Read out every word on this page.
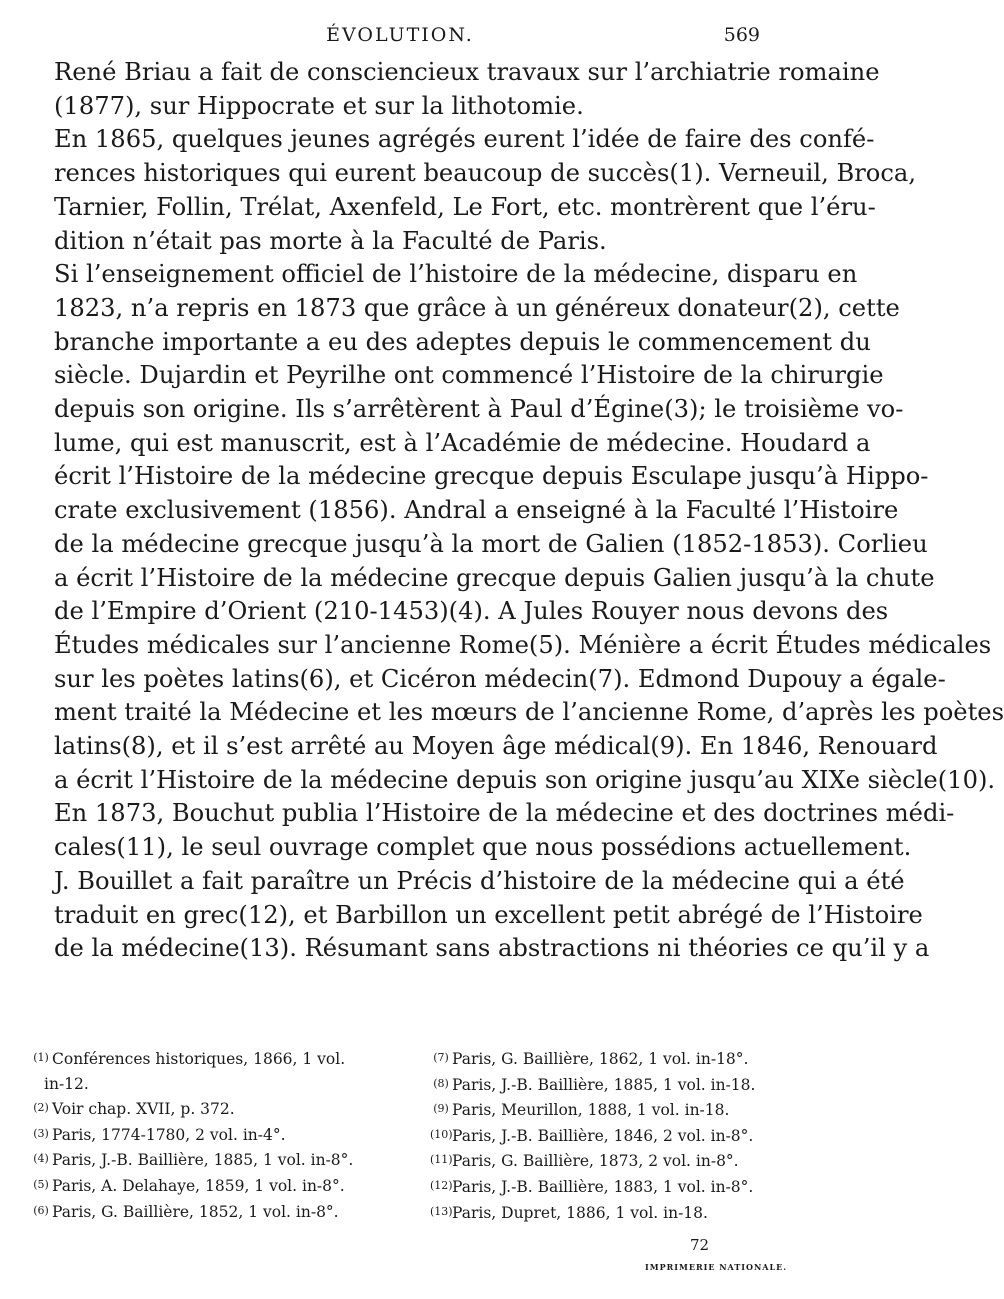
ÉVOLUTION.	569
René Briau a fait de consciencieux travaux sur l’archiatrie romaine
(1877), sur Hippocrate et sur la lithotomie.
En 1865, quelques jeunes agrégés eurent l’idée de faire des confé-
rences historiques qui eurent beaucoup de succès(1). Verneuil, Broca,
Tarnier, Follin, Trélat, Axenfeld, Le Fort, etc. montrèrent que l’éru-
dition n’était pas morte à la Faculté de Paris.
Si l’enseignement officiel de l’histoire de la médecine, disparu en
1823, n’a repris en 1873 que grâce à un généreux donateur(2), cette
branche importante a eu des adeptes depuis le commencement du
siècle. Dujardin et Peyrilhe ont commencé l’Histoire de la chirurgie
depuis son origine. Ils s’arrêtèrent à Paul d’Égine(3); le troisième vo-
lume, qui est manuscrit, est à l’Académie de médecine. Houdard a
écrit l’Histoire de la médecine grecque depuis Esculape jusqu’à Hippo-
crate exclusivement (1856). Andral a enseigné à la Faculté l’Histoire
de la médecine grecque jusqu’à la mort de Galien (1852-1853). Corlieu
a écrit l’Histoire de la médecine grecque depuis Galien jusqu’à la chute
de l’Empire d’Orient (210-1453)(4). A Jules Rouyer nous devons des
Études médicales sur l’ancienne Rome(5). Ménière a écrit Études médicales
sur les poètes latins(6), et Cicéron médecin(7). Edmond Dupouy a égale-
ment traité la Médecine et les mœurs de l’ancienne Rome, d’après les poètes
latins(8), et il s’est arrêté au Moyen âge médical(9). En 1846, Renouard
a écrit l’Histoire de la médecine depuis son origine jusqu’au XIXe siècle(10).
En 1873, Bouchut publia l’Histoire de la médecine et des doctrines médi-
cales(11), le seul ouvrage complet que nous possédions actuellement.
J. Bouillet a fait paraître un Précis d’histoire de la médecine qui a été
traduit en grec(12), et Barbillon un excellent petit abrégé de l’Histoire
de la médecine(13). Résumant sans abstractions ni théories ce qu’il y a
(1) Conférences historiques, 1866, 1 vol.
in-12.
(2) Voir chap. XVII, p. 372.
(3) Paris, 1774-1780, 2 vol. in-4°.
(4) Paris, J.-B. Baillière, 1885, 1 vol. in-8°.
(5) Paris, A. Delahaye, 1859, 1 vol. in-8°.
(6) Paris, G. Baillière, 1852, 1 vol. in-8°.
(7) Paris, G. Baillière, 1862, 1 vol. in-18°.
(8) Paris, J.-B. Baillière, 1885, 1 vol. in-18.
(9) Paris, Meurillon, 1888, 1 vol. in-18.
(10)Paris, J.-B. Baillière, 1846, 2 vol. in-8°.
(11)Paris, G. Baillière, 1873, 2 vol. in-8°.
(12)Paris, J.-B. Baillière, 1883, 1 vol. in-8°.
(13)Paris, Dupret, 1886, 1 vol. in-18.
72
IMPRIMERIE NATIONALE.
